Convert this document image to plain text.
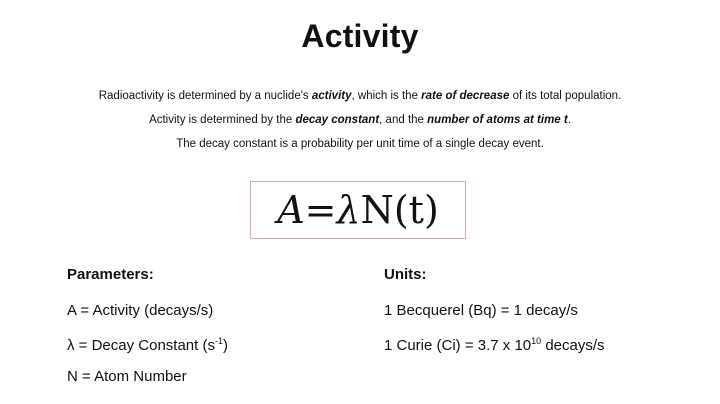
Activity
Radioactivity is determined by a nuclide's activity, which is the rate of decrease of its total population.
Activity is determined by the decay constant, and the number of atoms at time t.
The decay constant is a probability per unit time of a single decay event.
A = λ N(t)
Parameters:
A = Activity (decays/s)
λ = Decay Constant $(s^{-1})$
N = Atom Number
Units:
1 Becquerel (Bq) = 1 decay/s
1 Curie (Ci) = 3.7 x $10^{10}$ decays/s
